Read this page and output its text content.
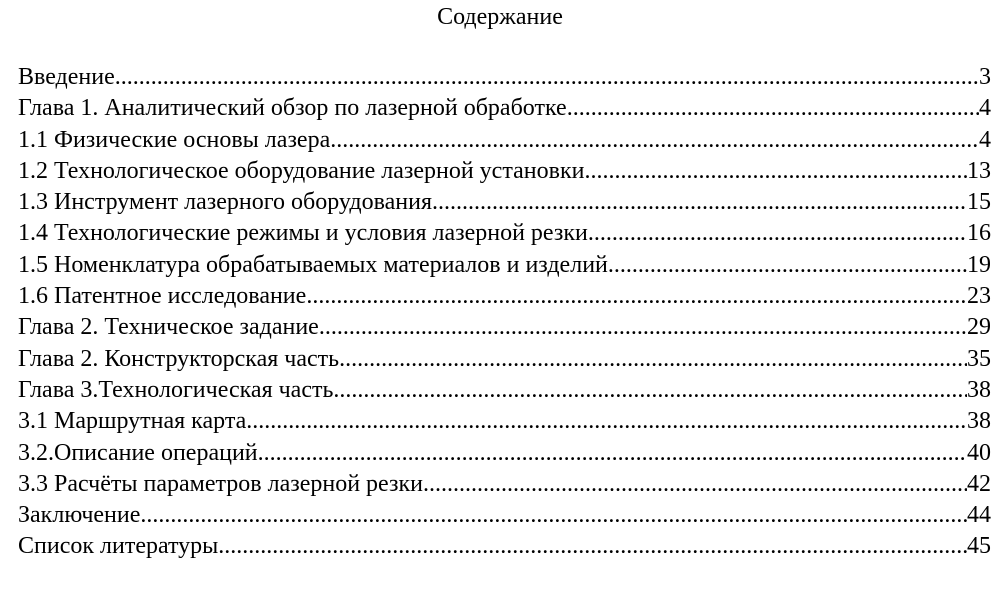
Содержание
Введение .....	3
Глава 1. Аналитический обзор по лазерной обработке .....	4
1.1 Физические основы лазера .....	4
1.2 Технологическое оборудование лазерной установки .....	13
1.3 Инструмент лазерного оборудования .....	15
1.4 Технологические режимы и условия лазерной резки .....	16
1.5 Номенклатура обрабатываемых материалов и изделий .....	19
1.6 Патентное исследование .....	23
Глава 2. Техническое задание .....	29
Глава 2. Конструкторская часть. .....	35
Глава 3.Технологическая часть .....	38
3.1 Маршрутная карта .....	38
3.2.Описание операций. .....	40
3.3 Расчёты параметров лазерной резки .....	42
Заключение .....	44
Список литературы .....	45
